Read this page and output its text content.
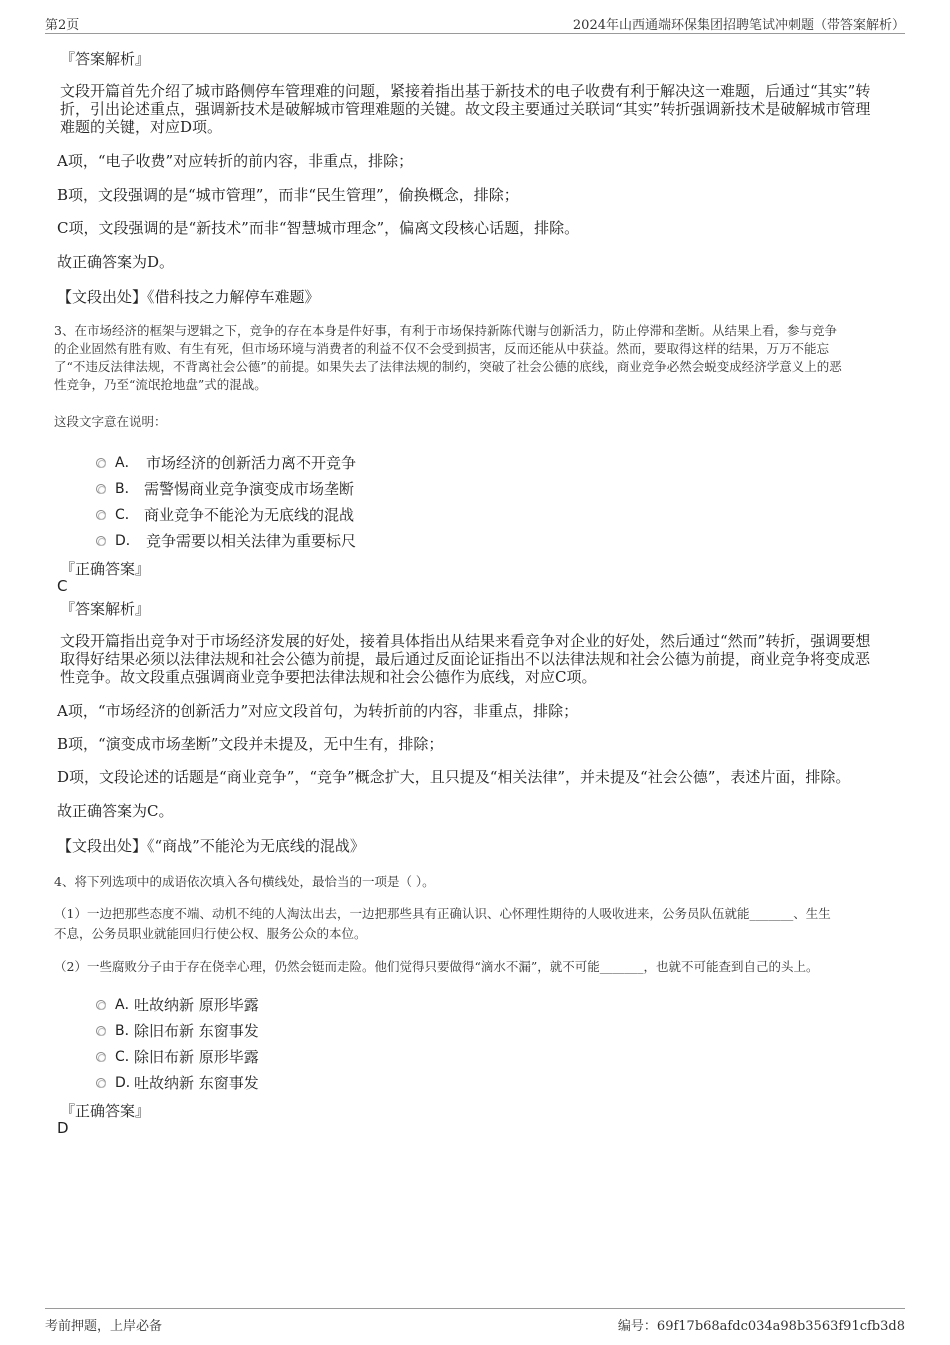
第2页	2024年山西通端环保集团招聘笔试冲刺题（带答案解析）
『答案解析』
文段开篇首先介绍了城市路侧停车管理难的问题，紧接着指出基于新技术的电子收费有利于解决这一难题，后通过“其实”转
折，引出论述重点，强调新技术是破解城市管理难题的关键。故文段主要通过关联词“其实”转折强调新技术是破解城市管理
难题的关键，对应D项。
A项，“电子收费”对应转折的前内容，非重点，排除；
B项，文段强调的是“城市管理”，而非“民生管理”，偷换概念，排除；
C项，文段强调的是“新技术”而非“智慧城市理念”，偏离文段核心话题，排除。
故正确答案为D。
【文段出处】《借科技之力解停车难题》
3、在市场经济的框架与逻辑之下，竞争的存在本身是件好事，有利于市场保持新陈代谢与创新活力，防止停滞和垄断。从结果上看，参与竞争
的企业固然有胜有败、有生有死，但市场环境与消费者的利益不仅不会受到损害，反而还能从中获益。然而，要取得这样的结果，万万不能忘
了“不违反法律法规，不背离社会公德”的前提。如果失去了法律法规的制约，突破了社会公德的底线，商业竞争必然会蜕变成经济学意义上的恶
性竞争，乃至“流氓抢地盘”式的混战。
这段文字意在说明：
A． 市场经济的创新活力离不开竞争
B． 需警惕商业竞争演变成市场垄断
C． 商业竞争不能沦为无底线的混战
D． 竞争需要以相关法律为重要标尺
『正确答案』
C
『答案解析』
文段开篇指出竞争对于市场经济发展的好处，接着具体指出从结果来看竞争对企业的好处，然后通过“然而”转折，强调要想
取得好结果必须以法律法规和社会公德为前提，最后通过反面论证指出不以法律法规和社会公德为前提，商业竞争将变成恶
性竞争。故文段重点强调商业竞争要把法律法规和社会公德作为底线，对应C项。
A项，“市场经济的创新活力”对应文段首句，为转折前的内容，非重点，排除；
B项，“演变成市场垄断”文段并未提及，无中生有，排除；
D项，文段论述的话题是“商业竞争”，“竞争”概念扩大，且只提及“相关法律”，并未提及“社会公德”，表述片面，排除。
故正确答案为C。
【文段出处】《“商战”不能沦为无底线的混战》
4、将下列选项中的成语依次填入各句横线处，最恰当的一项是（ ）。
（1）一边把那些态度不端、动机不纯的人淘汰出去，一边把那些具有正确认识、心怀理性期待的人吸收进来，公务员队伍就能_______、生生
不息，公务员职业就能回归行使公权、服务公众的本位。
（2）一些腐败分子由于存在侥幸心理，仍然会铤而走险。他们觉得只要做得“滴水不漏”，就不可能_______，也就不可能查到自己的头上。
A．
吐故纳新 原形毕露
B．
除旧布新 东窗事发
C．
除旧布新 原形毕露
D．
吐故纳新 东窗事发
『正确答案』
D
考前押题，上岸必备	编号：69f17b68afdc034a98b3563f91cfb3d8
